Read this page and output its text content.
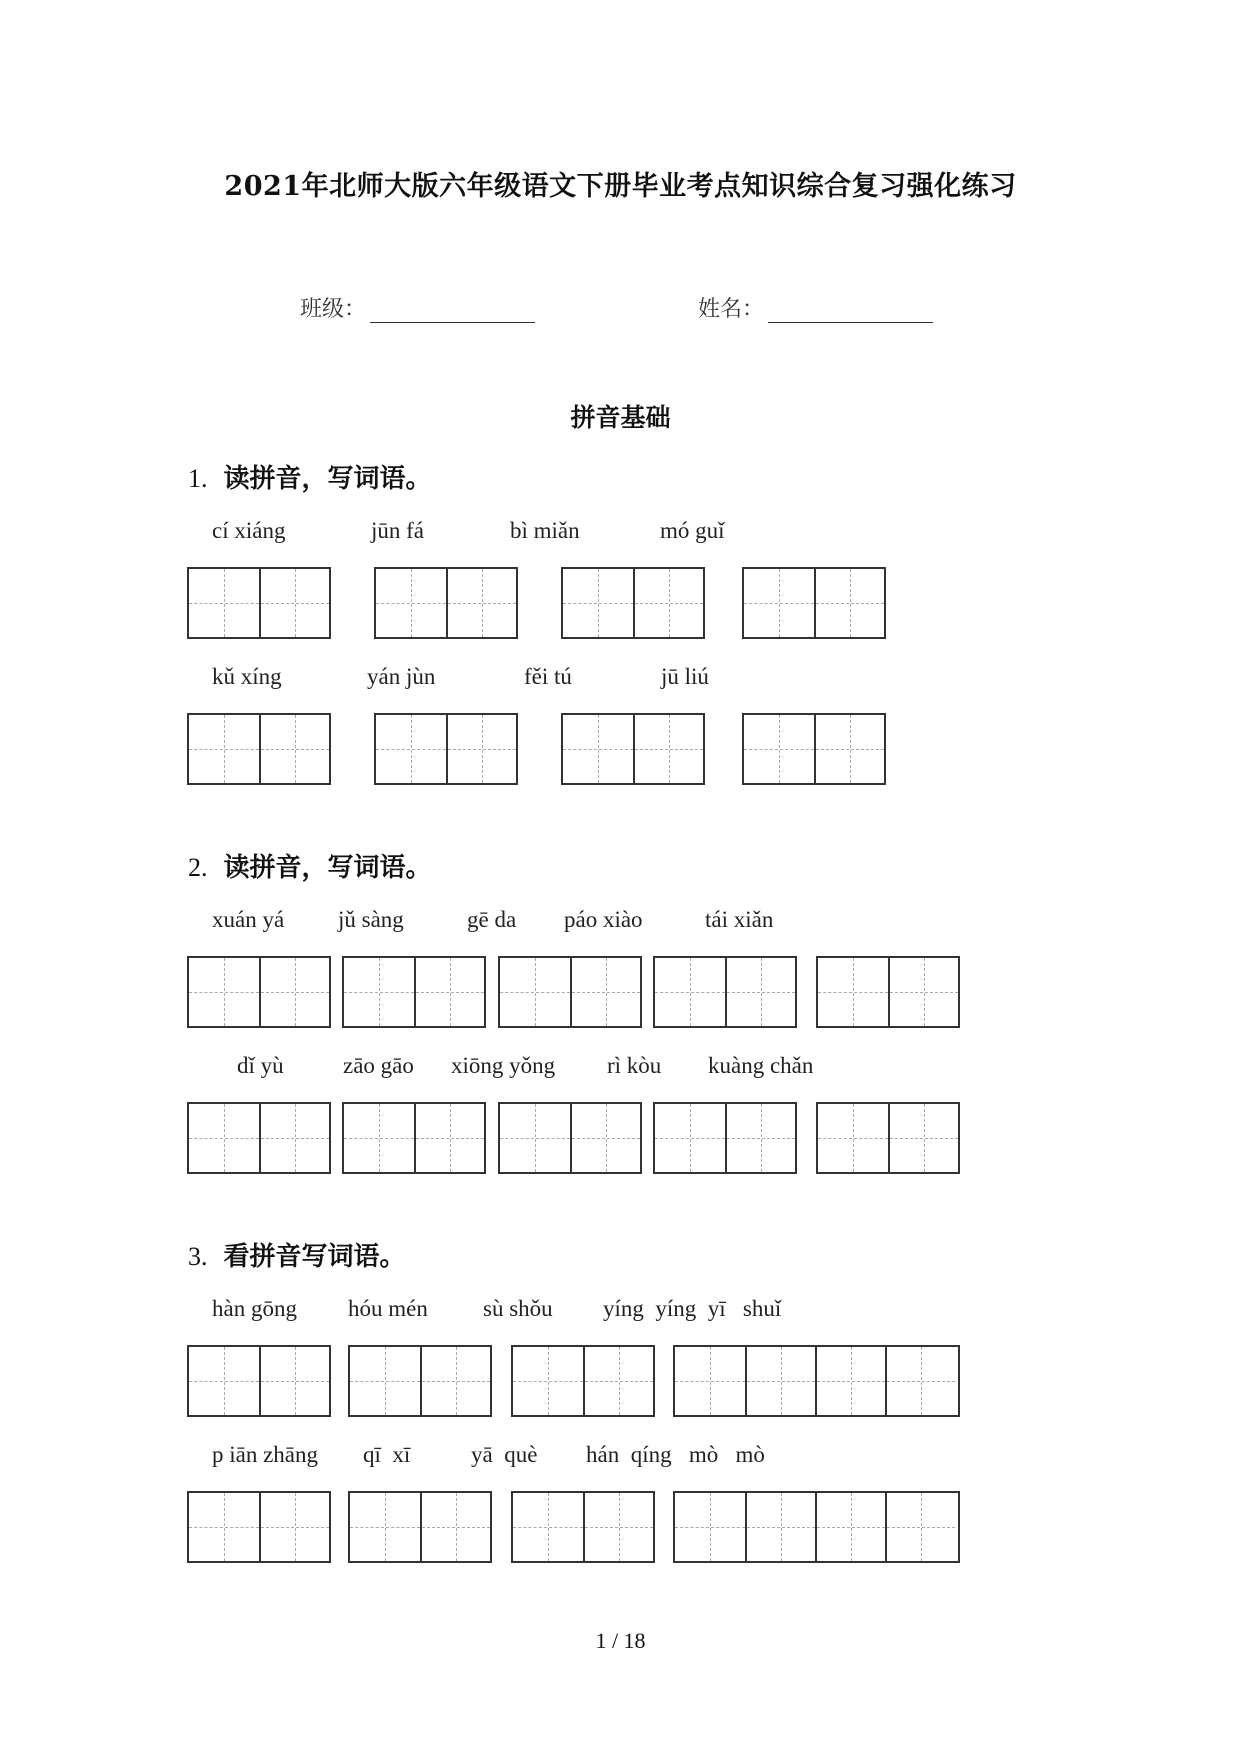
2021年北师大版六年级语文下册毕业考点知识综合复习强化练习
班级：	姓名：
拼音基础
1. 读拼音，写词语。
cí xiáng	jūn fá	bì miǎn	mó guǐ
kǔ xíng	yán jùn	fěi tú	jū liú
2. 读拼音，写词语。
xuán yá jǔ sàng	gē da páo xiào	tái xiǎn
dǐ yù	zāo gāo xiōng yǒng rì kòu kuàng chǎn
3. 看拼音写词语。
hàn gōng hóu mén sù shǒu yíng  yíng  yī   shuǐ
p iān zhāng qī  xī	yā  què hán  qíng   mò   mò
1 / 18
